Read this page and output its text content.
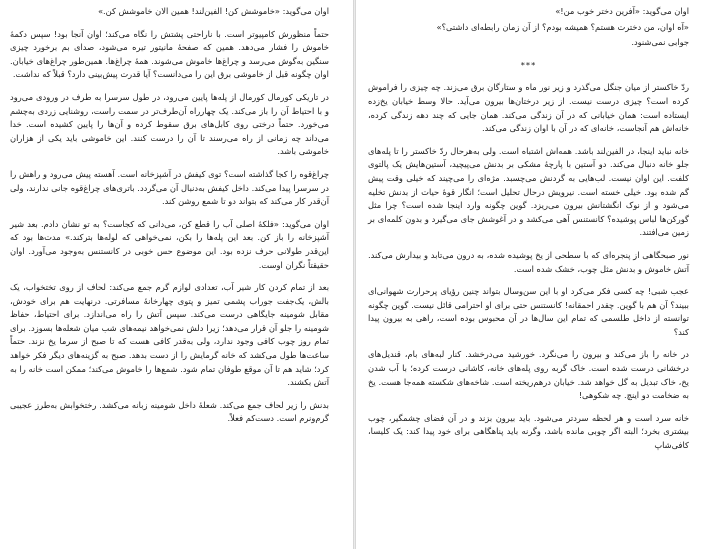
اوان می‌گوید: «خاموشش کن! الفین‌لند! همین الان خاموشش کن.»

حتماً منظورش کامپیوتر است. با ناراحتی پشتش را نگاه می‌کند؛ اوان آنجا بود! سپس دکمهٔ خاموش را فشار می‌دهد. همین که صفحهٔ مانیتور تیره می‌شود، صدای بم برخورد چیزی سنگین به‌گوش می‌رسد و چراغ‌ها خاموش می‌شوند. همهٔ چراغ‌ها. همین‌طور چراغ‌های خیابان. اوان چگونه قبل از خاموشی برق این را می‌دانست؟ آیا قدرت پیش‌بینی دارد؟ قبلاً که نداشت.

در تاریکی کورمال کورمال از پله‌ها پایین می‌رود، در طول سرسرا به طرف در ورودی می‌رود و با احتیاط آن را باز می‌کند. یک چهارراه آن‌طرف‌تر در سمت راست، روشنایی زردی به‌چشم می‌خورد. حتماً درختی روی کابل‌های برق سقوط کرده و آن‌ها را پایین کشیده است. خدا می‌داند چه زمانی از راه می‌رسند تا آن را درست کنند. این خاموشی باید یکی از هزاران خاموشی باشد.

چراغ‌قوه را کجا گذاشته است؟ توی کیفش در آشپزخانه است. آهسته پیش می‌رود و راهش را در سرسرا پیدا می‌کند. داخل کیفش به‌دنبال آن می‌گردد. باتری‌های چراغ‌قوه جانی ندارند، ولی آن‌قدر کار می‌کند که بتواند دو تا شمع روشن کند.

اوان می‌گوید: «فلکهٔ اصلی آب را قطع کن، می‌دانی که کجاست؟ به تو نشان دادم. بعد شیر آشپزخانه را باز کن. بعد این پله‌ها را بکن، نمی‌خواهی که لوله‌ها بترکند.» مدت‌ها بود که این‌قدر طولانی حرف نزده بود. این موضوع حس خوبی در کانستنس به‌وجود می‌آورد. اوان حقیقتاً نگران اوست.

بعد از تمام کردن کار شیر آب، تعدادی لوازم گرم جمع می‌کند: لحاف از روی تختخواب، یک بالش، یک‌جفت جوراب پشمی تمیز و پتوی چهارخانهٔ مسافرتی. درنهایت هم برای خودش، مقابل شومینه جایگاهی درست می‌کند. سپس آتش را راه می‌اندازد. برای احتیاط، حفاظ شومینه را جلو آن قرار می‌دهد؛ زیرا دلش نمی‌خواهد نیمه‌های شب میان شعله‌ها بسوزد. برای تمام روز چوب کافی وجود ندارد، ولی به‌قدر کافی هست که تا صبح از سرما یخ نزند. حتماً ساعت‌ها طول می‌کشد که خانه گرمایش را از دست بدهد. صبح به گزینه‌های دیگر فکر خواهد کرد؛ شاید هم تا آن موقع طوفان تمام شود. شمع‌ها را خاموش می‌کند؛ ممکن است خانه را به آتش بکشند.

بدنش را زیر لحاف جمع می‌کند. شعلهٔ داخل شومینه زبانه می‌کشد. رختخوابش به‌طرز عجیبی گرم‌ونرم است. دست‌کم فعلاً.

اوان می‌گوید: «آفرین دختر خوب من!»

«آه اوان، من دخترت هستم؟ همیشه بودم؟ از آن زمان رابطه‌ای داشتی؟»

جوابی نمی‌شنود.

***

ردّ خاکستر از میان جنگل می‌گذرد و زیر نور ماه و ستارگان برق می‌زند. چه چیزی را فراموش کرده است؟ چیزی درست نیست. از زیر درختان‌ها بیرون می‌آید. حالا وسط خیابان یخ‌زده ایستاده است: همان خیابانی که در آن زندگی می‌کند. همان جایی که چند دهه زندگی کرده، خانه‌اش هم آنجاست، خانه‌ای که در آن با اوان زندگی می‌کند.

خانه نباید اینجا، در الفین‌لند باشد. همه‌اش اشتباه است. ولی به‌هرحال ردّ خاکستر را تا پله‌های جلو خانه دنبال می‌کند. دو آستین با پارچهٔ مشکی بر بدنش می‌پیچید، آستین‌هایش یک پالتوی کلفت. این اوان نیست. لب‌هایی به گردنش می‌چسبد. مژه‌ای را می‌چیند که خیلی وقت پیش گم شده بود. خیلی خسته است. نیرویش درحال تحلیل است؛ انگار قوهٔ حیات از بدنش تخلیه می‌شود و از نوک انگشتانش بیرون می‌ریزد. گوین چگونه وارد اینجا شده است؟ چرا مثل گورکن‌ها لباس پوشیده؟ کانستنس آهی می‌کشد و در آغوشش جای می‌گیرد و بدون کلمه‌ای بر زمین می‌افتند.

نور صبحگاهی از پنجره‌ای که با سطحی از یخ پوشیده شده، به درون می‌تابد و بیدارش می‌کند. آتش خاموش و بدنش مثل چوب، خشک شده است.

عجب شبی! چه کسی فکر می‌کرد او با این سن‌وسال بتواند چنین رؤیای پرحرارت شهوانی‌ای ببیند؟ آن هم با گوین. چقدر احمقانه! کانستنس حتی برای او احترامی قائل نیست. گوین چگونه توانسته از داخل طلسمی که تمام این سال‌ها در آن محبوس بوده است، راهی به بیرون پیدا کند؟

در خانه را باز می‌کند و بیرون را می‌نگرد. خورشید می‌درخشد. کنار لبه‌های بام، قندیل‌های درخشانی درست شده است. خاک گربه روی پله‌های خانه، کاشانی درست کرده‌؛ با آب شدن یخ، خاک تبدیل به گل خواهد شد. خیابان درهم‌ریخته است. شاخه‌های شکسته همه‌جا هست. یخ به ضخامت دو اینچ. چه شکوهی!

خانه سرد است و هر لحظه سردتر می‌شود. باید بیرون بزند و در آن فضای چشمگیر، چوب بیشتری بخرد؛ البته اگر چوبی مانده باشد، وگرنه باید پناهگاهی برای خود پیدا کند: یک کلیسا، کافی‌شاپ
